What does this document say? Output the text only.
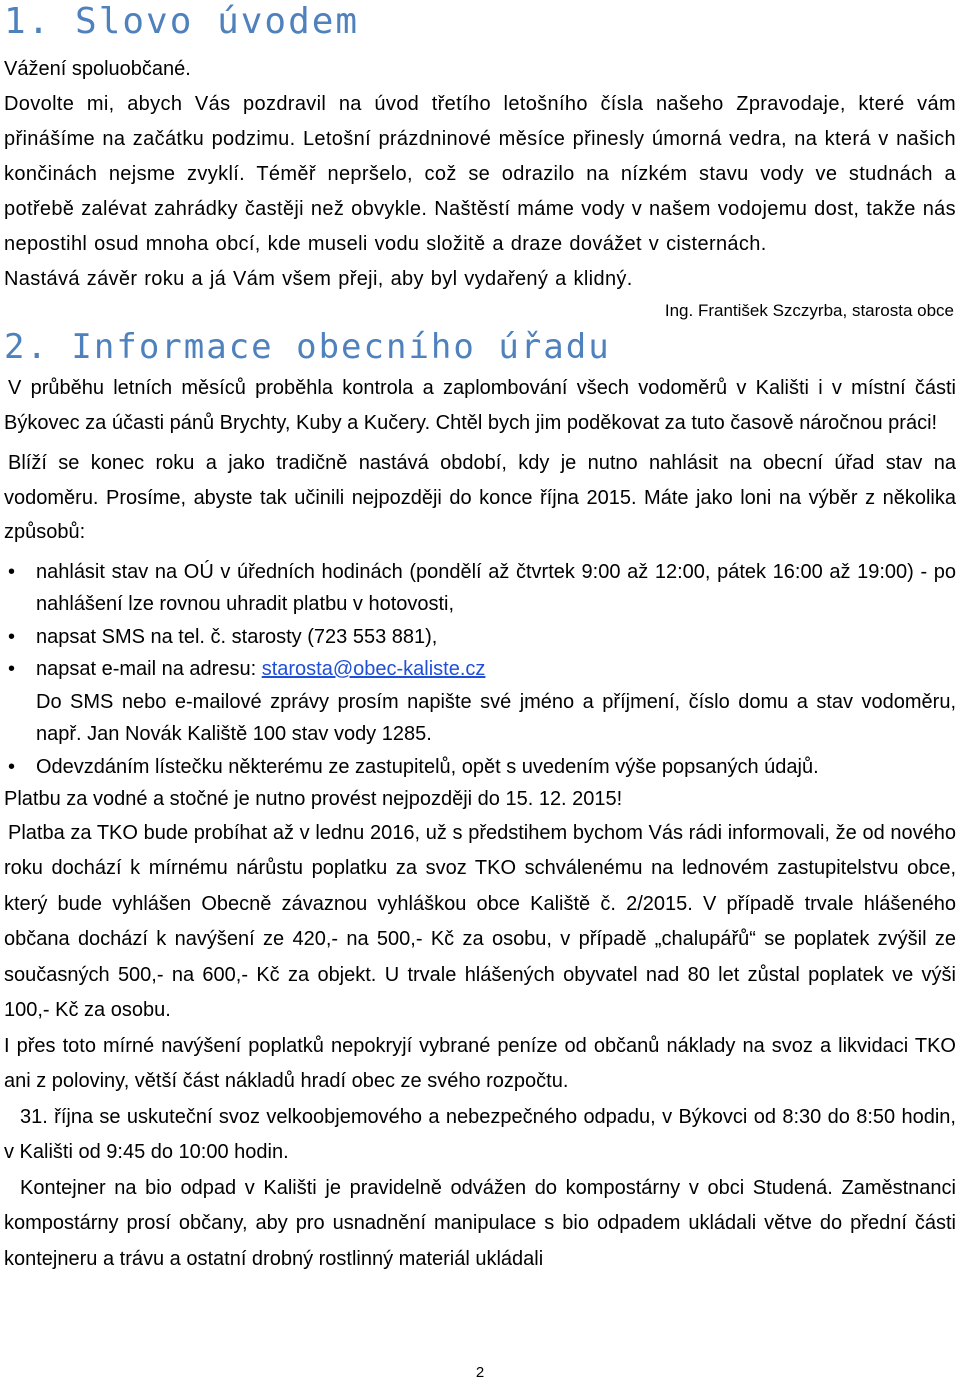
1. Slovo úvodem

Vážení spoluobčané.

Dovolte mi, abych Vás pozdravil na úvod třetího letošního čísla našeho Zpravodaje, které vám přinášíme na začátku podzimu. Letošní prázdninové měsíce přinesly úmorná vedra, na která v našich končinách nejsme zvyklí. Téměř nepršelo, což se odrazilo na nízkém stavu vody ve studnách a potřebě zalévat zahrádky častěji než obvykle. Naštěstí máme vody v našem vodojemu dost, takže nás nepostihl osud mnoha obcí, kde museli vodu složitě a draze dovážet v cisternách.

Nastává závěr roku a já Vám všem přeji, aby byl vydařený a klidný.

Ing. František Szczyrba, starosta obce
2. Informace obecního úřadu

V průběhu letních měsíců proběhla kontrola a zaplombování všech vodoměrů v Kališti i v místní části Býkovec za účasti pánů Brychty, Kuby a Kučery. Chtěl bych jim poděkovat za tuto časově náročnou práci!

Blíží se konec roku a jako tradičně nastává období, kdy je nutno nahlásit na obecní úřad stav na vodoměru. Prosíme, abyste tak učinili nejpozději do konce října 2015. Máte jako loni na výběr z několika způsobů:

• nahlásit stav na OÚ v úředních hodinách (pondělí až čtvrtek 9:00 až 12:00, pátek 16:00 až 19:00) - po nahlášení lze rovnou uhradit platbu v hotovosti,
• napsat SMS na tel. č. starosty (723 553 881),
• napsat e-mail na adresu: starosta@obec-kaliste.cz
Do SMS nebo e-mailové zprávy prosím napište své jméno a příjmení, číslo domu a stav vodoměru, např. Jan Novák Kaliště 100 stav vody 1285.
• Odevzdáním lístečku některému ze zastupitelů, opět s uvedením výše popsaných údajů.

Platbu za vodné a stočné je nutno provést nejpozději do 15. 12. 2015!

Platba za TKO bude probíhat až v lednu 2016, už s předstihem bychom Vás rádi informovali, že od nového roku dochází k mírnému nárůstu poplatku za svoz TKO schválenému na lednovém zastupitelstvu obce, který bude vyhlášen Obecně závaznou vyhláškou obce Kaliště č. 2/2015. V případě trvale hlášeného občana dochází k navýšení ze 420,- na 500,- Kč za osobu, v případě „chalupářů“ se poplatek zvýšil ze současných 500,- na 600,- Kč za objekt. U trvale hlášených obyvatel nad 80 let zůstal poplatek ve výši 100,- Kč za osobu.

I přes toto mírné navýšení poplatků nepokryjí vybrané peníze od občanů náklady na svoz a likvidaci TKO ani z poloviny, větší část nákladů hradí obec ze svého rozpočtu.

31. října se uskuteční svoz velkoobjemového a nebezpečného odpadu, v Býkovci od 8:30 do 8:50 hodin, v Kališti od 9:45 do 10:00 hodin.

Kontejner na bio odpad v Kališti je pravidelně odvážen do kompostárny v obci Studená. Zaměstnanci kompostárny prosí občany, aby pro usnadnění manipulace s bio odpadem ukládali větve do přední části kontejneru a trávu a ostatní drobný rostlinný materiál ukládali

2
